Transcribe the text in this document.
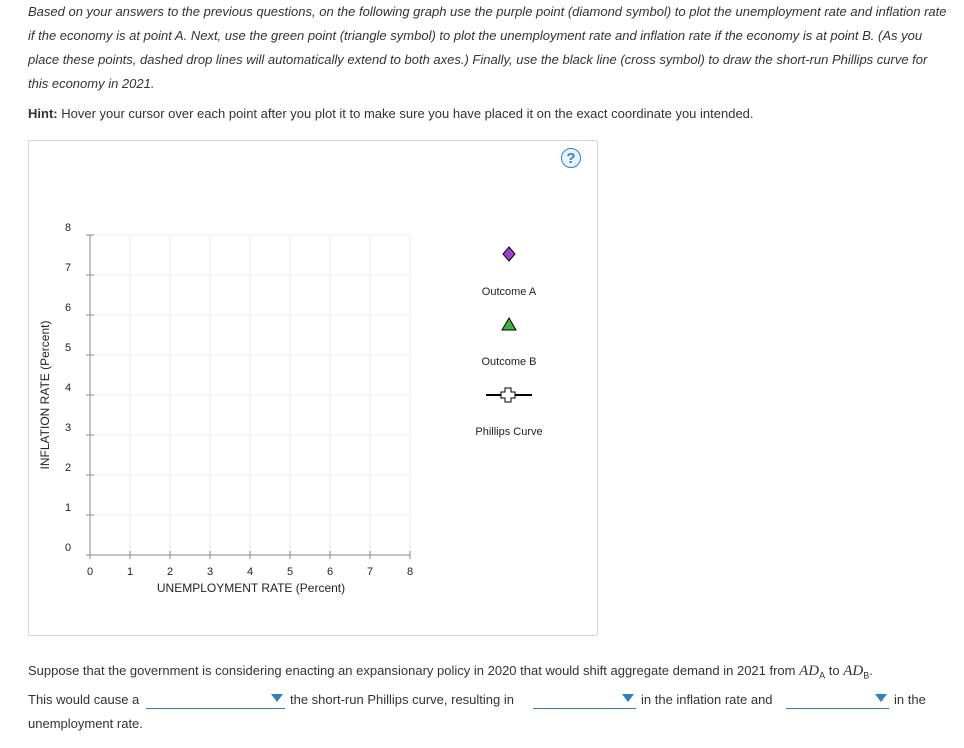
Based on your answers to the previous questions, on the following graph use the purple point (diamond symbol) to plot the unemployment rate and inflation rate if the economy is at point A. Next, use the green point (triangle symbol) to plot the unemployment rate and inflation rate if the economy is at point B. (As you place these points, dashed drop lines will automatically extend to both axes.) Finally, use the black line (cross symbol) to draw the short-run Phillips curve for this economy in 2021.
Hint: Hover your cursor over each point after you plot it to make sure you have placed it on the exact coordinate you intended.
?
0	1	2	3	4	5	6	7	8
0
1
2
3
4
5
6
7
8
UNEMPLOYMENT RATE (Percent)
INFLATION RATE (Percent)
Outcome A
Outcome B
Phillips Curve
Suppose that the government is considering enacting an expansionary policy in 2020 that would shift aggregate demand in 2021 from $AD_A$ to $AD_B$.
This would cause a	the short-run Phillips curve, resulting in	in the inflation rate and	in the
unemployment rate.
